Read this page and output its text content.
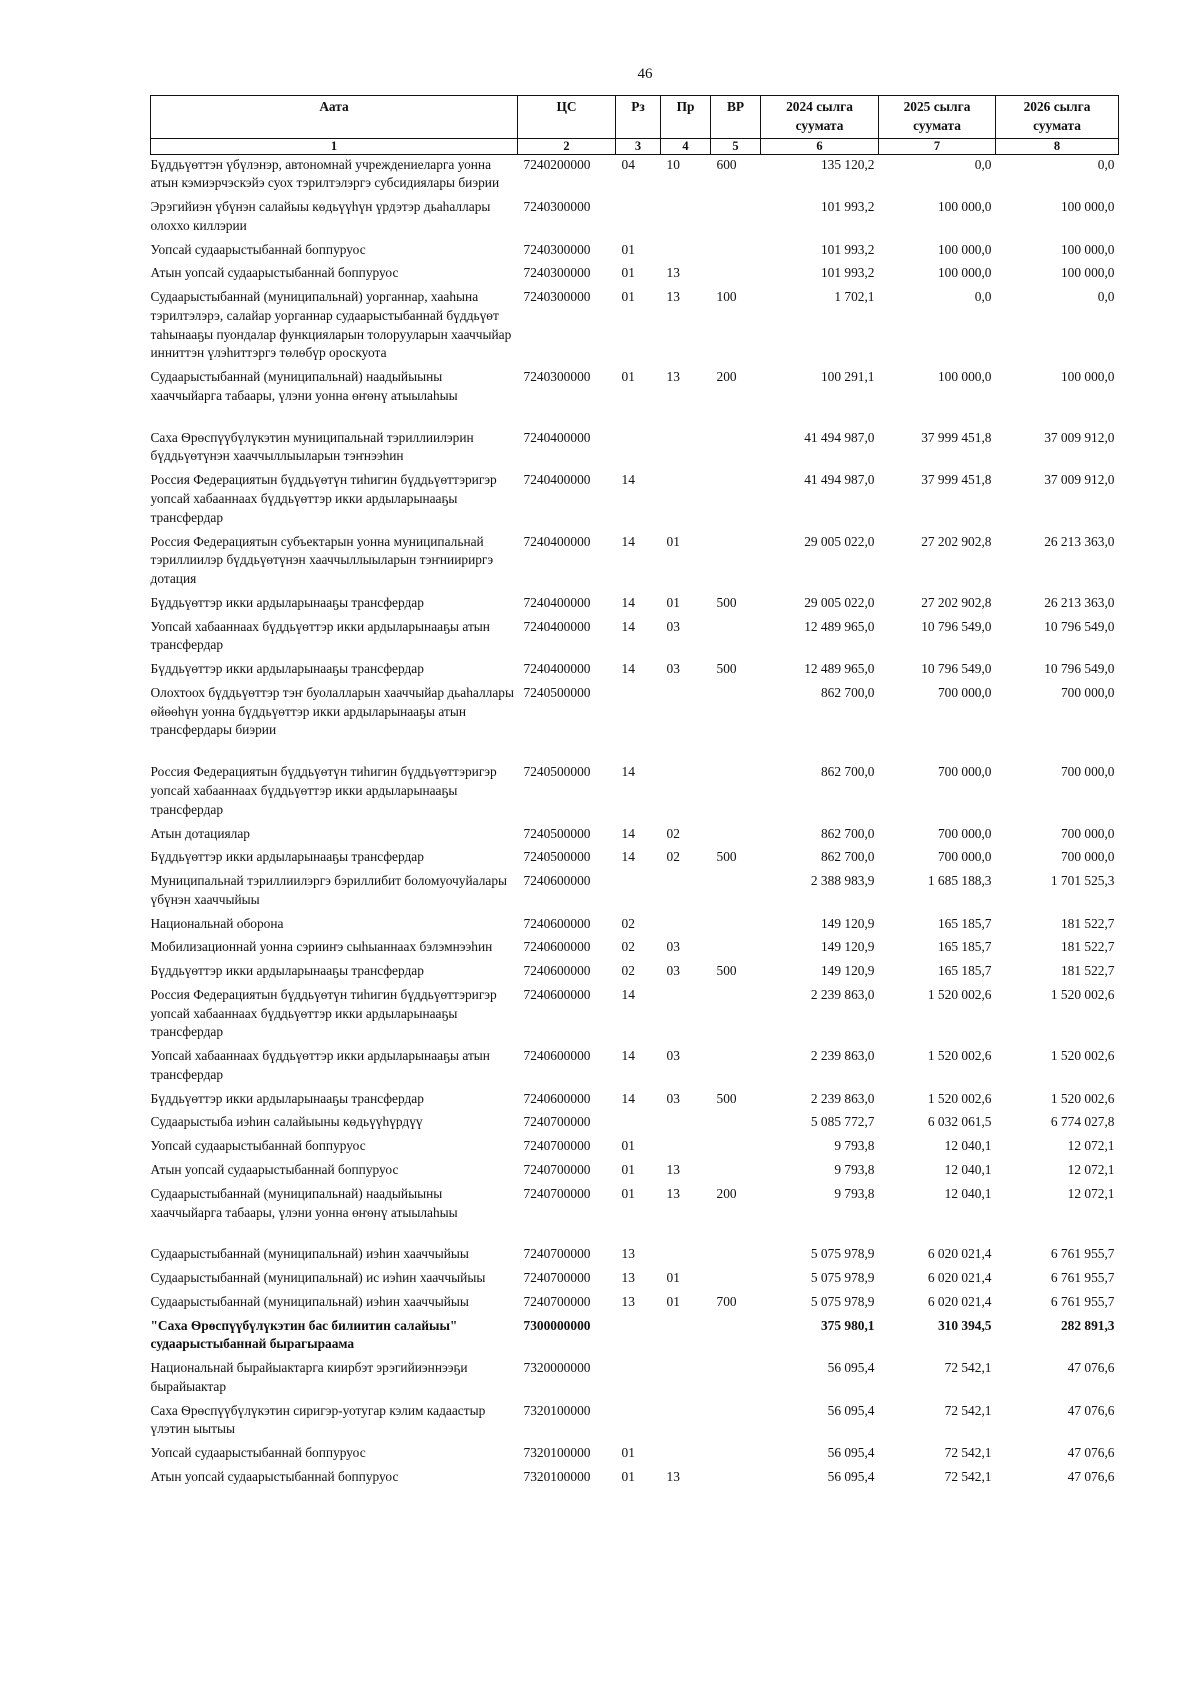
46
Аата	ЦС	Рз	Пр	ВР	2024 сылга суумата	2025 сылга суумата	2026 сылга суумата
1	2	3	4	5	6	7	8
Бүддьүөттэн үбүлэнэр, автономнай учреждениеларга уонна атын кэмиэрчэскэйэ суох тэрилтэлэргэ субсидиялары биэрии	7240200000	04	10	600	135 120,2	0,0	0,0
Эрэгийиэн үбүнэн салайыы кѳдьүүһүн үрдэтэр дьаһаллары олоххо киллэрии	7240300000				101 993,2	100 000,0	100 000,0
Уопсай судаарыстыбаннай боппуруос	7240300000	01			101 993,2	100 000,0	100 000,0
Атын уопсай судаарыстыбаннай боппуруос	7240300000	01	13		101 993,2	100 000,0	100 000,0
Судаарыстыбаннай (муниципальнай) уорганнар, хааһына тэрилтэлэрэ, салайар уорганнар судаарыстыбаннай бүддьүѳт таһынааҕы пуондалар функцияларын толорууларын хааччыйар инниттэн үлэһиттэргэ тѳлѳбүр ороскуота	7240300000	01	13	100	1 702,1	0,0	0,0
Судаарыстыбаннай (муниципальнай) наадыйыыны хааччыйарга табаары, үлэни уонна ѳҥѳнү атыылаһыы	7240300000	01	13	200	100 291,1	100 000,0	100 000,0
Саха Ѳрѳспүүбүлүкэтин муниципальнай тэриллиилэрин бүддьүѳтүнэн хааччыллыыларын тэҥнээһин	7240400000				41 494 987,0	37 999 451,8	37 009 912,0
Россия Федерациятын бүддьүѳтүн тиһигин бүддьүѳттэригэр уопсай хабааннаах бүддьүѳттэр икки ардыларынааҕы трансфердар	7240400000	14			41 494 987,0	37 999 451,8	37 009 912,0
Россия Федерациятын субъектарын уонна муниципальнай тэриллиилэр бүддьүѳтүнэн хааччыллыыларын тэҥниириргэ дотация	7240400000	14	01		29 005 022,0	27 202 902,8	26 213 363,0
Бүддьүѳттэр икки ардыларынааҕы трансфердар	7240400000	14	01	500	29 005 022,0	27 202 902,8	26 213 363,0
Уопсай хабааннаах бүддьүѳттэр икки ардыларынааҕы атын трансфердар	7240400000	14	03		12 489 965,0	10 796 549,0	10 796 549,0
Бүддьүѳттэр икки ардыларынааҕы трансфердар	7240400000	14	03	500	12 489 965,0	10 796 549,0	10 796 549,0
Олохтоох бүддьүѳттэр тэҥ буолалларын хааччыйар дьаһаллары ѳйѳѳһүн уонна бүддьүѳттэр икки ардыларынааҕы атын трансфердары биэрии	7240500000				862 700,0	700 000,0	700 000,0
Россия Федерациятын бүддьүѳтүн тиһигин бүддьүѳттэригэр уопсай хабааннаах бүддьүѳттэр икки ардыларынааҕы трансфердар	7240500000	14			862 700,0	700 000,0	700 000,0
Атын дотациялар	7240500000	14	02		862 700,0	700 000,0	700 000,0
Бүддьүѳттэр икки ардыларынааҕы трансфердар	7240500000	14	02	500	862 700,0	700 000,0	700 000,0
Муниципальнай тэриллиилэргэ бэриллибит боломуочуйалары үбүнэн хааччыйыы	7240600000				2 388 983,9	1 685 188,3	1 701 525,3
Национальнай оборона	7240600000	02			149 120,9	165 185,7	181 522,7
Мобилизационнай уонна сэрииҥэ сыһыаннаах бэлэмнээһин	7240600000	02	03		149 120,9	165 185,7	181 522,7
Бүддьүѳттэр икки ардыларынааҕы трансфердар	7240600000	02	03	500	149 120,9	165 185,7	181 522,7
Россия Федерациятын бүддьүѳтүн тиһигин бүддьүѳттэригэр уопсай хабааннаах бүддьүѳттэр икки ардыларынааҕы трансфердар	7240600000	14			2 239 863,0	1 520 002,6	1 520 002,6
Уопсай хабааннаах бүддьүѳттэр икки ардыларынааҕы атын трансфердар	7240600000	14	03		2 239 863,0	1 520 002,6	1 520 002,6
Бүддьүѳттэр икки ардыларынааҕы трансфердар	7240600000	14	03	500	2 239 863,0	1 520 002,6	1 520 002,6
Судаарыстыба иэһин салайыыны кѳдьүүһүрдүү	7240700000				5 085 772,7	6 032 061,5	6 774 027,8
Уопсай судаарыстыбаннай боппуруос	7240700000	01			9 793,8	12 040,1	12 072,1
Атын уопсай судаарыстыбаннай боппуруос	7240700000	01	13		9 793,8	12 040,1	12 072,1
Судаарыстыбаннай (муниципальнай) наадыйыыны хааччыйарга табаары, үлэни уонна ѳҥѳнү атыылаһыы	7240700000	01	13	200	9 793,8	12 040,1	12 072,1
Судаарыстыбаннай (муниципальнай) иэһин хааччыйыы	7240700000	13			5 075 978,9	6 020 021,4	6 761 955,7
Судаарыстыбаннай (муниципальнай) ис иэһин хааччыйыы	7240700000	13	01		5 075 978,9	6 020 021,4	6 761 955,7
Судаарыстыбаннай (муниципальнай) иэһин хааччыйыы	7240700000	13	01	700	5 075 978,9	6 020 021,4	6 761 955,7
"Саха Ѳрѳспүүбүлүкэтин бас билиитин салайыы" судаарыстыбаннай бырагыраама	7300000000				375 980,1	310 394,5	282 891,3
Национальнай бырайыактарга киирбэт эрэгийиэннээҕи бырайыактар	7320000000				56 095,4	72 542,1	47 076,6
Саха Ѳрѳспүүбүлүкэтин сиригэр-уотугар кэлим кадаастыр үлэтин ыытыы	7320100000				56 095,4	72 542,1	47 076,6
Уопсай судаарыстыбаннай боппуруос	7320100000	01			56 095,4	72 542,1	47 076,6
Атын уопсай судаарыстыбаннай боппуруос	7320100000	01	13		56 095,4	72 542,1	47 076,6
